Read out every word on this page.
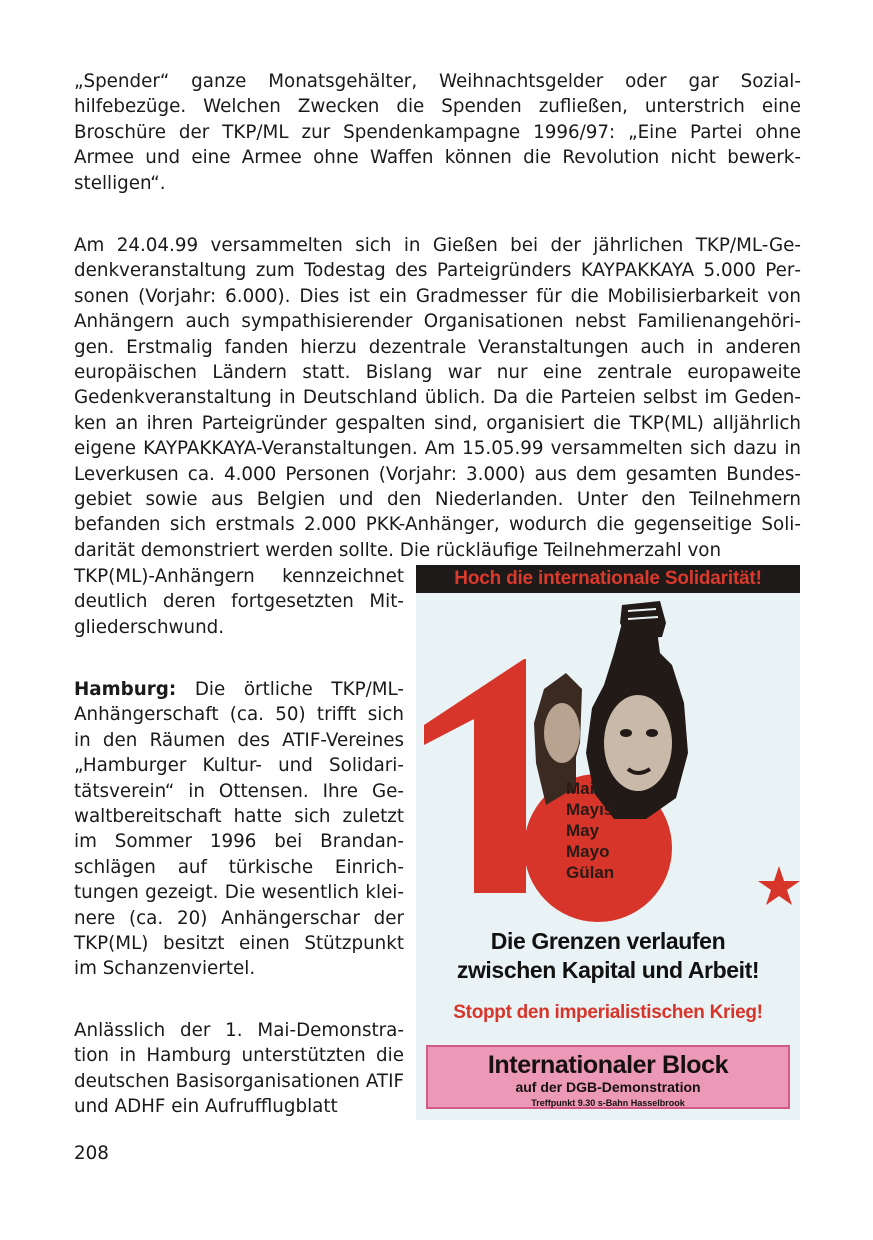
„Spender“ ganze Monatsgehälter, Weihnachtsgelder oder gar Sozialhilfebezüge. Welchen Zwecken die Spenden zufließen, unterstrich eine Broschüre der TKP/ML zur Spendenkampagne 1996/97: „Eine Partei ohne Armee und eine Armee ohne Waffen können die Revolution nicht bewerkstelligen“.

Am 24.04.99 versammelten sich in Gießen bei der jährlichen TKP/ML-Gedenkveranstaltung zum Todestag des Parteigründers KAYPAKKAYA 5.000 Personen (Vorjahr: 6.000). Dies ist ein Gradmesser für die Mobilisierbarkeit von Anhängern auch sympathisierender Organisationen nebst Familienangehörigen. Erstmalig fanden hierzu dezentrale Veranstaltungen auch in anderen europäischen Ländern statt. Bislang war nur eine zentrale europaweite Gedenkveranstaltung in Deutschland üblich. Da die Parteien selbst im Gedenken an ihren Parteigründer gespalten sind, organisiert die TKP(ML) alljährlich eigene KAYPAKKAYA-Veranstaltungen. Am 15.05.99 versammelten sich dazu in Leverkusen ca. 4.000 Personen (Vorjahr: 3.000) aus dem gesamten Bundesgebiet sowie aus Belgien und den Niederlanden. Unter den Teilnehmern befanden sich erstmals 2.000 PKK-Anhänger, wodurch die gegenseitige Solidarität demonstriert werden sollte. Die rückläufige Teilnehmerzahl von

TKP(ML)-Anhängern kennzeichnet deutlich deren fortgesetzten Mitgliederschwund.

Hamburg: Die örtliche TKP/ML-Anhängerschaft (ca. 50) trifft sich in den Räumen des ATIF-Vereines „Hamburger Kultur- und Solidaritätsverein“ in Ottensen. Ihre Gewaltbereitschaft hatte sich zuletzt im Sommer 1996 bei Brandanschlägen auf türkische Einrichtungen gezeigt. Die wesentlich kleinere (ca. 20) Anhängerschar der TKP(ML) besitzt einen Stützpunkt im Schanzenviertel.

Anlässlich der 1. Mai-Demonstration in Hamburg unterstützten die deutschen Basisorganisationen ATIF und ADHF ein Aufrufflugblatt

Hoch die internationale Solidarität!
Mai
Mayıs
May
Mayo
Gülan
Die Grenzen verlaufen
zwischen Kapital und Arbeit!
Stoppt den imperialistischen Krieg!
Internationaler Block
auf der DGB-Demonstration
Treffpunkt 9.30 s-Bahn Hasselbrook
208
